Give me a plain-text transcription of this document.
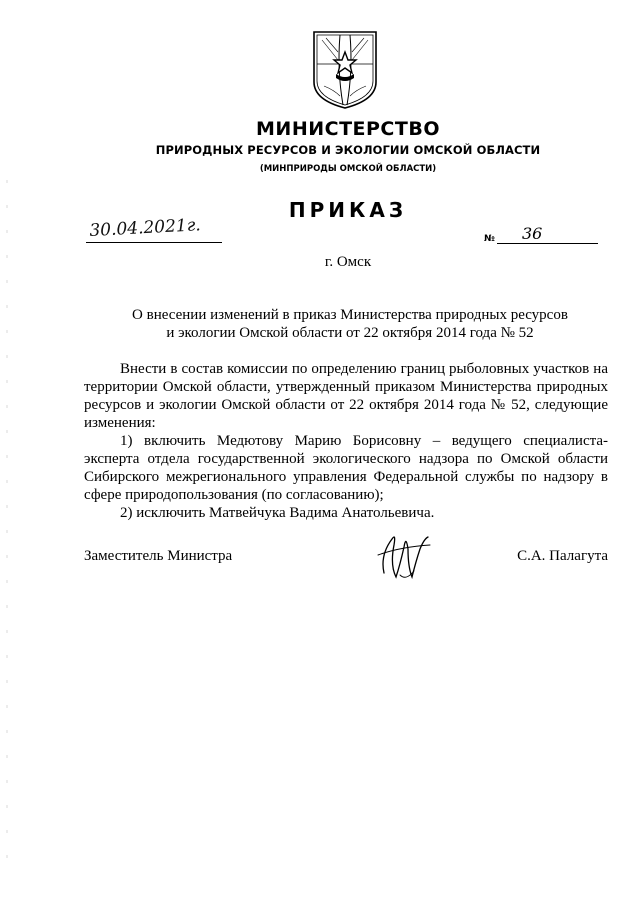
МИНИСТЕРСТВО
ПРИРОДНЫХ РЕСУРСОВ И ЭКОЛОГИИ ОМСКОЙ ОБЛАСТИ
(МИНПРИРОДЫ ОМСКОЙ ОБЛАСТИ)
ПРИКАЗ
30.04.2021г.	№ 36
г. Омск
О внесении изменений в приказ Министерства природных ресурсов
и экологии Омской области от 22 октября 2014 года № 52

Внести в состав комиссии по определению границ рыболовных участков на территории Омской области, утвержденный приказом Министерства природных ресурсов и экологии Омской области от 22 октября 2014 года № 52, следующие изменения:

1) включить Медютову Марию Борисовну – ведущего специалиста-эксперта отдела государственной экологического надзора по Омской области Сибирского межрегионального управления Федеральной службы по надзору в сфере природопользования (по согласованию);

2) исключить Матвейчука Вадима Анатольевича.

Заместитель Министра	С.А. Палагута
